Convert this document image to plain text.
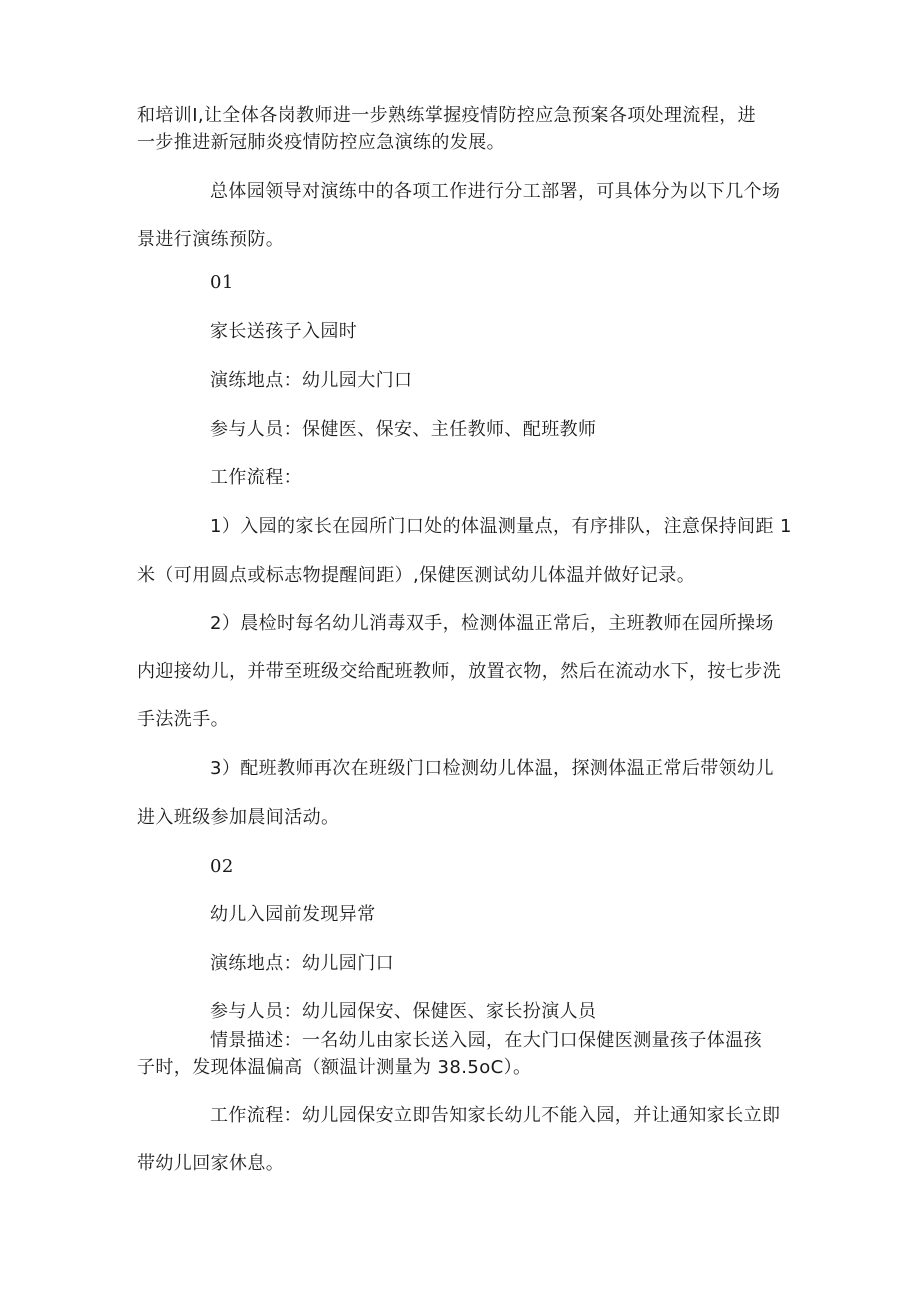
和培训Ⅰ,让全体各岗教师进一步熟练掌握疫情防控应急预案各项处理流程，进

一步推进新冠肺炎疫情防控应急演练的发展。

总体园领导对演练中的各项工作进行分工部署，可具体分为以下几个场

景进行演练预防。

01

家长送孩子入园时

演练地点：幼儿园大门口

参与人员：保健医、保安、主任教师、配班教师

工作流程：

1）入园的家长在园所门口处的体温测量点，有序排队，注意保持间距 1

米（可用圆点或标志物提醒间距）,保健医测试幼儿体温并做好记录。

2）晨检时每名幼儿消毒双手，检测体温正常后，主班教师在园所操场

内迎接幼儿，并带至班级交给配班教师，放置衣物，然后在流动水下，按七步洗

手法洗手。

3）配班教师再次在班级门口检测幼儿体温，探测体温正常后带领幼儿

进入班级参加晨间活动。

02

幼儿入园前发现异常

演练地点：幼儿园门口

参与人员：幼儿园保安、保健医、家长扮演人员

情景描述：一名幼儿由家长送入园，在大门口保健医测量孩子体温孩

子时，发现体温偏高（额温计测量为 38.5oC）。

工作流程：幼儿园保安立即告知家长幼儿不能入园，并让通知家长立即

带幼儿回家休息。
